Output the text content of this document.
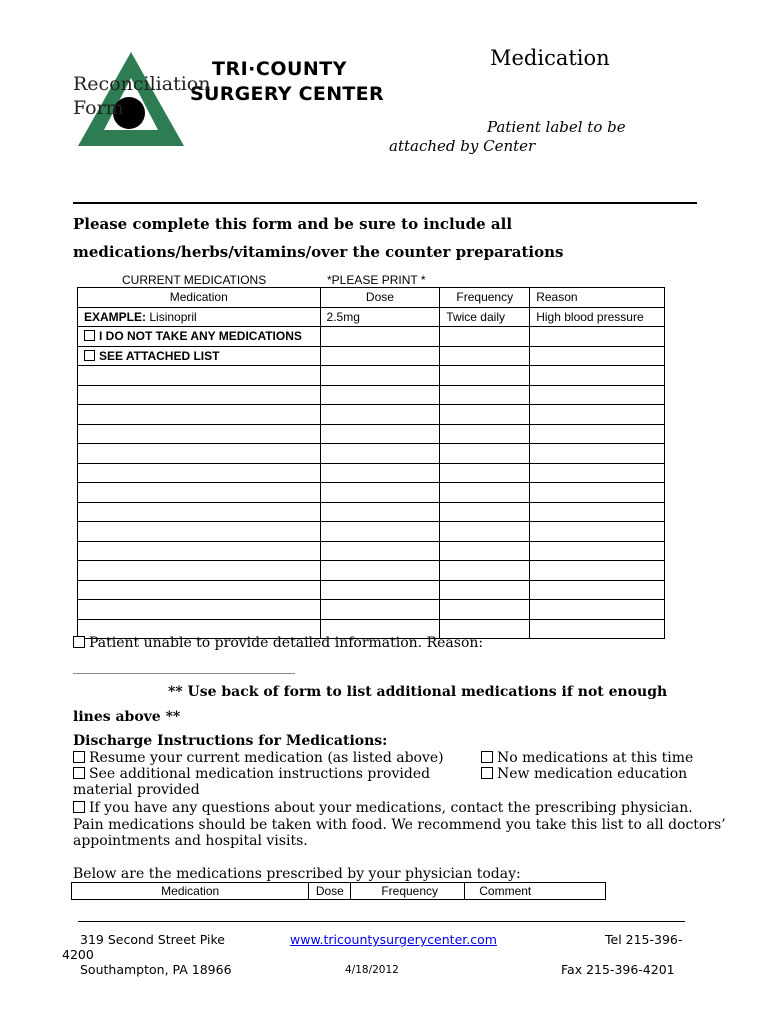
Medication
TRI·COUNTY
SURGERY CENTER
Reconciliation
Form
Patient label to be
attached by Center
Please complete this form and be sure to include all
medications/herbs/vitamins/over the counter preparations
CURRENT MEDICATIONS	*PLEASE PRINT *
Medication	Dose	Frequency	Reason
EXAMPLE: Lisinopril	2.5mg	Twice daily	High blood pressure
I DO NOT TAKE ANY MEDICATIONS			
SEE ATTACHED LIST			

Patient unable to provide detailed information. Reason:
_________________________________________
** Use back of form to list additional medications if not enough
lines above **
Discharge Instructions for Medications:
Resume your current medication (as listed above)	No medications at this time
See additional medication instructions provided	New medication education
material provided
If you have any questions about your medications, contact the prescribing physician.
Pain medications should be taken with food. We recommend you take this list to all doctors’
appointments and hospital visits.
Below are the medications prescribed by your physician today:
Medication	Dose	Frequency	Comment
319 Second Street Pike
4200
Southampton, PA 18966
www.tricountysurgerycenter.com
4/18/2012
Tel 215-396-
Fax 215-396-4201
